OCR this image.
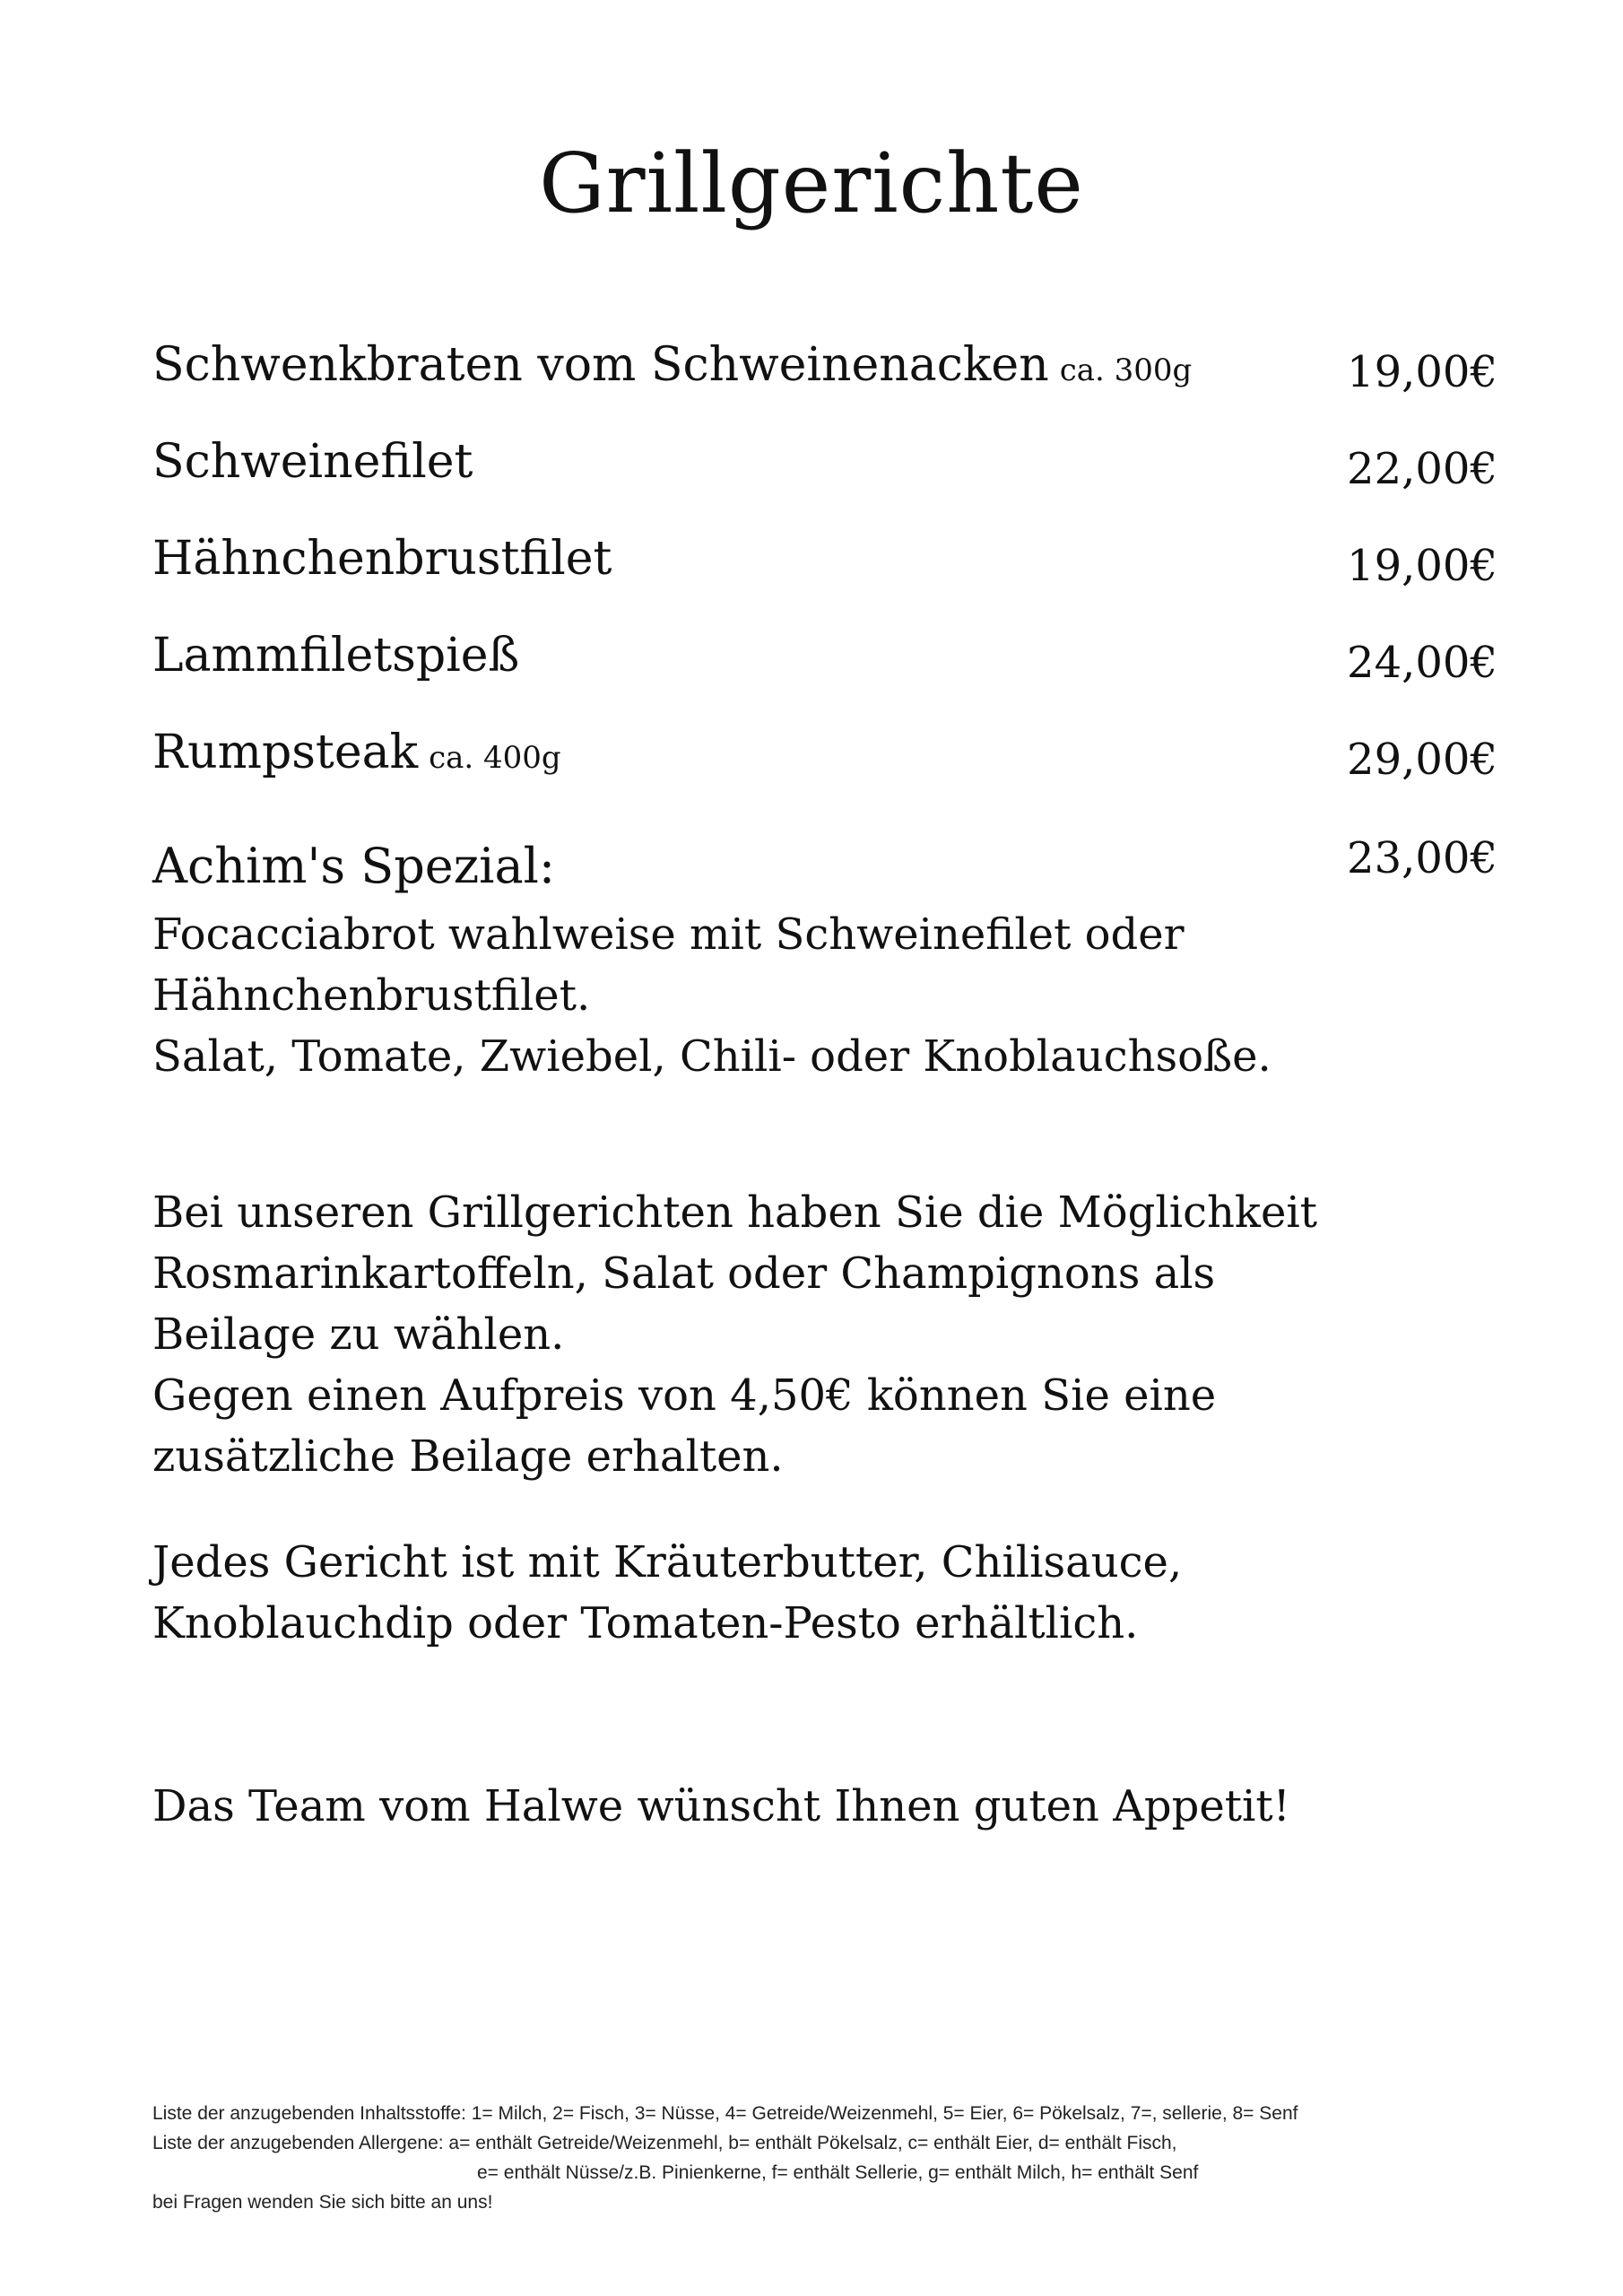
Grillgerichte
Schwenkbraten vom Schweinenacken ca. 300g	19,00€
Schweinefilet	22,00€
Hähnchenbrustfilet	19,00€
Lammfiletspieß	24,00€
Rumpsteak ca. 400g	29,00€
Achim's Spezial:	23,00€
Focacciabrot wahlweise mit Schweinefilet oder
Hähnchenbrustfilet.
Salat, Tomate, Zwiebel, Chili- oder Knoblauchsoße.
Bei unseren Grillgerichten haben Sie die Möglichkeit
Rosmarinkartoffeln, Salat oder Champignons als
Beilage zu wählen.
Gegen einen Aufpreis von 4,50€ können Sie eine
zusätzliche Beilage erhalten.
Jedes Gericht ist mit Kräuterbutter, Chilisauce,
Knoblauchdip oder Tomaten-Pesto erhältlich.
Das Team vom Halwe wünscht Ihnen guten Appetit!
Liste der anzugebenden Inhaltsstoffe: 1= Milch, 2= Fisch, 3= Nüsse, 4= Getreide/Weizenmehl, 5= Eier, 6= Pökelsalz, 7=, sellerie, 8= Senf
Liste der anzugebenden Allergene: a= enthält Getreide/Weizenmehl, b= enthält Pökelsalz, c= enthält Eier, d= enthält Fisch,
e= enthält Nüsse/z.B. Pinienkerne, f= enthält Sellerie, g= enthält Milch, h= enthält Senf
bei Fragen wenden Sie sich bitte an uns!
